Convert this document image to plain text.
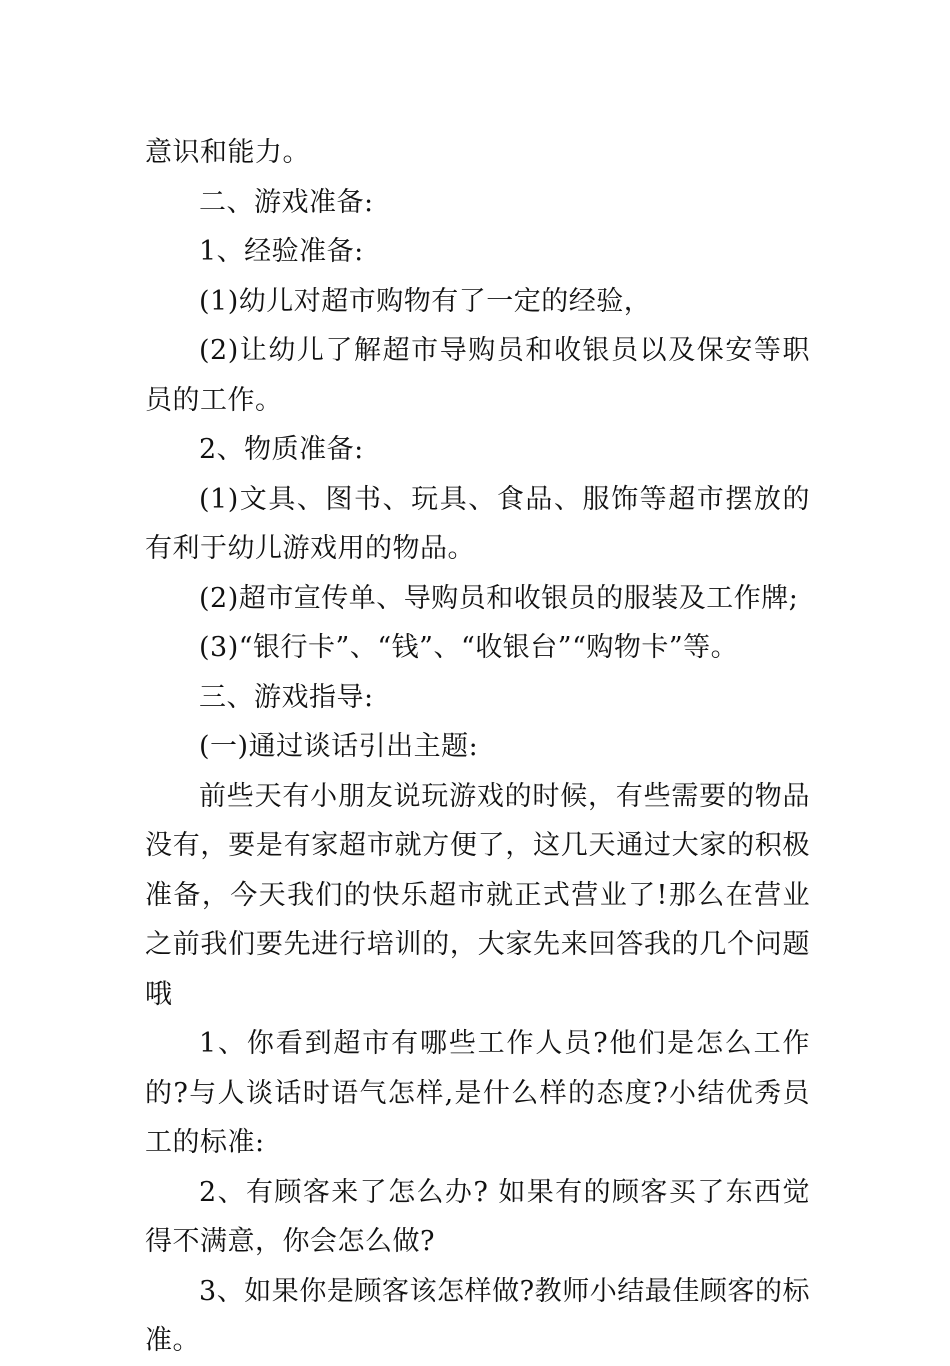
意识和能力。

二、游戏准备:

1、经验准备:

(1)幼儿对超市购物有了一定的经验，

(2)让幼儿了解超市导购员和收银员以及保安等职员的工作。

2、物质准备:

(1)文具、图书、玩具、食品、服饰等超市摆放的有利于幼儿游戏用的物品。

(2)超市宣传单、导购员和收银员的服装及工作牌;

(3)“银行卡”、“钱”、“收银台”“购物卡”等。

三、游戏指导:

(一)通过谈话引出主题:

前些天有小朋友说玩游戏的时候，有些需要的物品没有，要是有家超市就方便了，这几天通过大家的积极准备，今天我们的快乐超市就正式营业了!那么在营业之前我们要先进行培训的，大家先来回答我的几个问题哦

1、你看到超市有哪些工作人员?他们是怎么工作的?与人谈话时语气怎样,是什么样的态度?小结优秀员工的标准:

2、有顾客来了怎么办? 如果有的顾客买了东西觉得不满意，你会怎么做?

3、如果你是顾客该怎样做?教师小结最佳顾客的标准。
